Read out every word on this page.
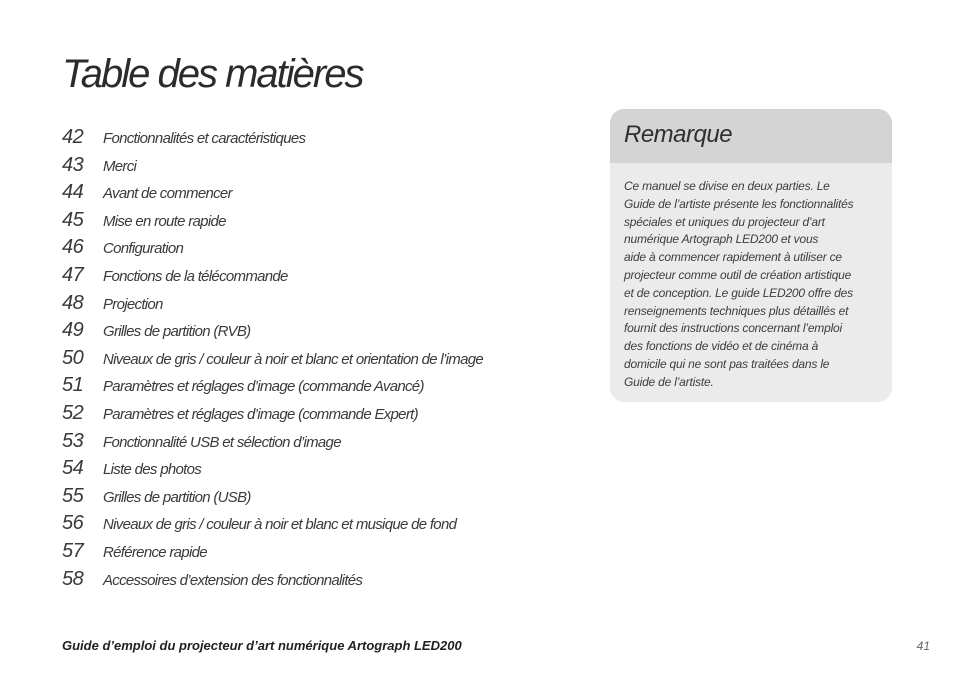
Table des matières
42	Fonctionnalités et caractéristiques
43	Merci
44	Avant de commencer
45	Mise en route rapide
46	Configuration
47	Fonctions de la télécommande
48	Projection
49	Grilles de partition (RVB)
50	Niveaux de gris / couleur à noir et blanc et orientation de l’image
51	Paramètres et réglages d’image (commande Avancé)
52	Paramètres et réglages d’image (commande Expert)
53	Fonctionnalité USB et sélection d’image
54	Liste des photos
55	Grilles de partition (USB)
56	Niveaux de gris / couleur à noir et blanc et musique de fond
57	Référence rapide
58	Accessoires d’extension des fonctionnalités
Remarque

Ce manuel se divise en deux parties. Le
Guide de l’artiste présente les fonctionnalités
spéciales et uniques du projecteur d’art
numérique Artograph LED200 et vous
aide à commencer rapidement à utiliser ce
projecteur comme outil de création artistique
et de conception. Le guide LED200 offre des
renseignements techniques plus détaillés et
fournit des instructions concernant l’emploi
des fonctions de vidéo et de cinéma à
domicile qui ne sont pas traitées dans le
Guide de l’artiste.

Guide d’emploi du projecteur d’art numérique Artograph LED200	41
